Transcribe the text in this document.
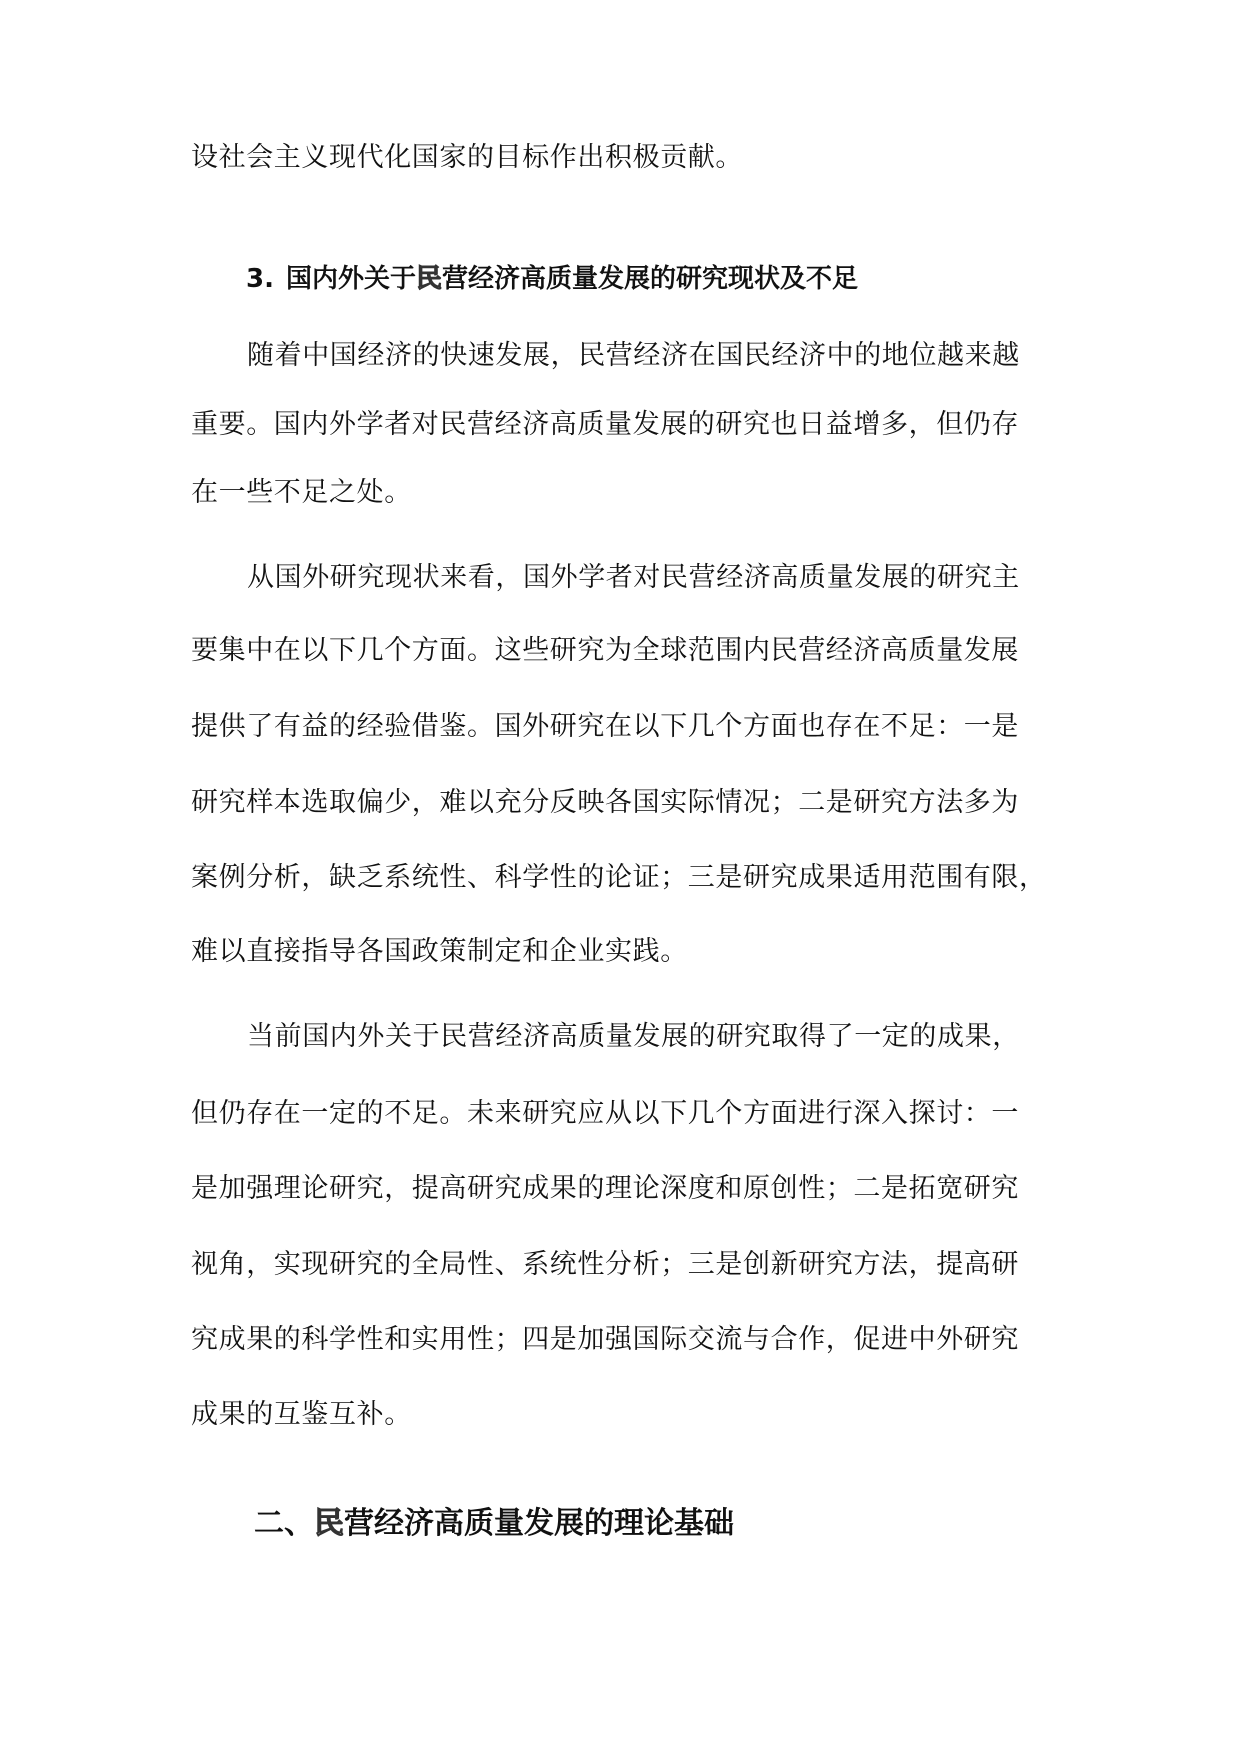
设社会主义现代化国家的目标作出积极贡献。
3. 国内外关于民营经济高质量发展的研究现状及不足
随着中国经济的快速发展，民营经济在国民经济中的地位越来越
重要。国内外学者对民营经济高质量发展的研究也日益增多，但仍存
在一些不足之处。
从国外研究现状来看，国外学者对民营经济高质量发展的研究主
要集中在以下几个方面。这些研究为全球范围内民营经济高质量发展
提供了有益的经验借鉴。国外研究在以下几个方面也存在不足：一是
研究样本选取偏少，难以充分反映各国实际情况；二是研究方法多为
案例分析，缺乏系统性、科学性的论证；三是研究成果适用范围有限，
难以直接指导各国政策制定和企业实践。
当前国内外关于民营经济高质量发展的研究取得了一定的成果，
但仍存在一定的不足。未来研究应从以下几个方面进行深入探讨：一
是加强理论研究，提高研究成果的理论深度和原创性；二是拓宽研究
视角，实现研究的全局性、系统性分析；三是创新研究方法，提高研
究成果的科学性和实用性；四是加强国际交流与合作，促进中外研究
成果的互鉴互补。
二、民营经济高质量发展的理论基础
